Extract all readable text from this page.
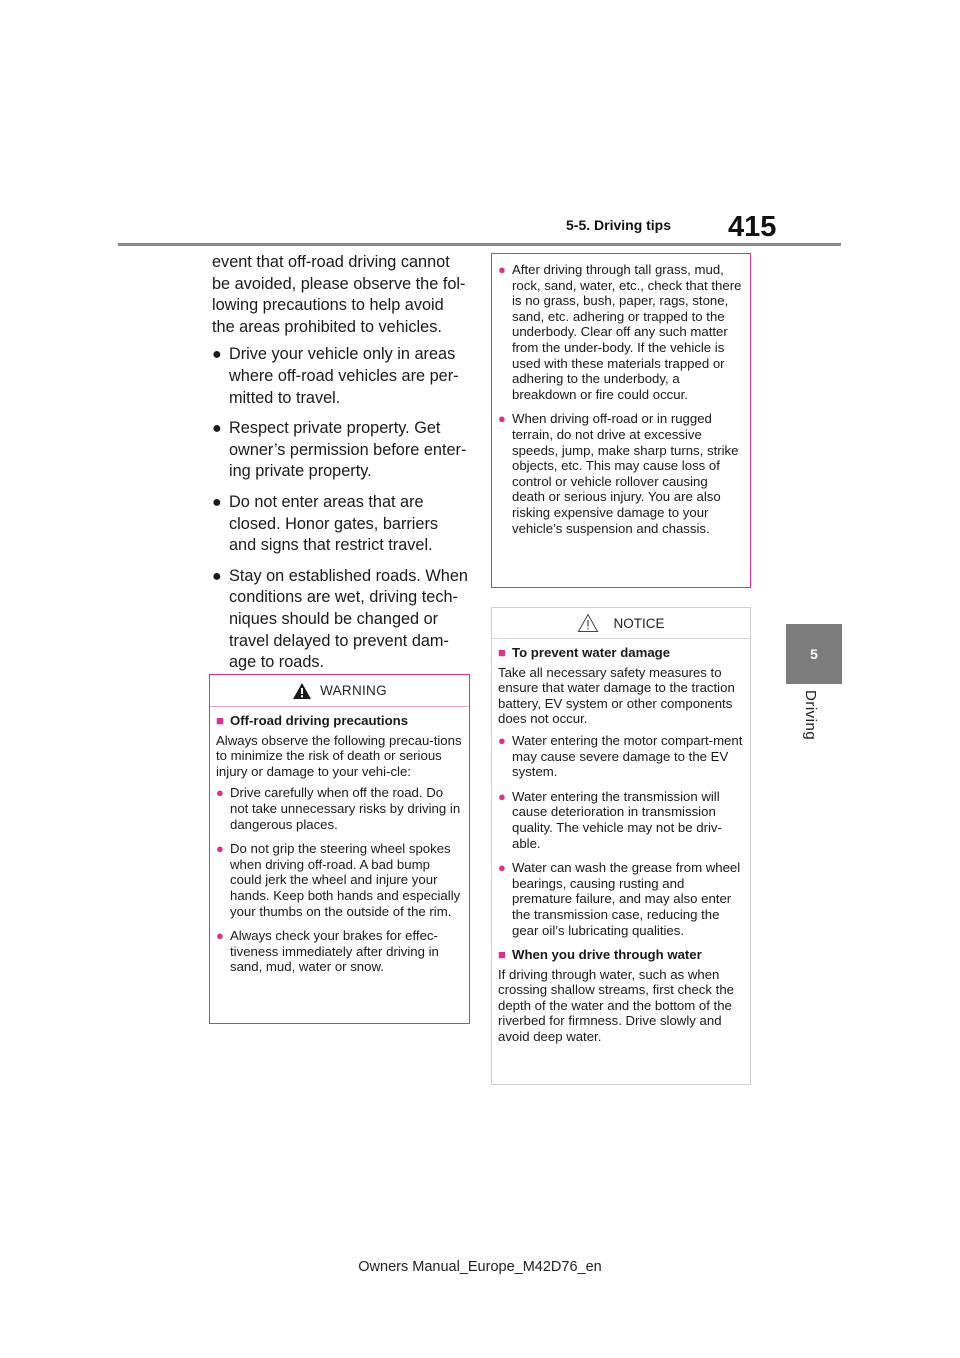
5-5. Driving tips 415
5
Driving

event that off-road driving cannot be avoided, please observe the fol-lowing precautions to help avoid the areas prohibited to vehicles.

● Drive your vehicle only in areas where off-road vehicles are per-mitted to travel.
● Respect private property. Get owner’s permission before enter-ing private property.
● Do not enter areas that are closed. Honor gates, barriers and signs that restrict travel.
● Stay on established roads. When conditions are wet, driving tech-niques should be changed or travel delayed to prevent dam-age to roads.
WARNING
■ Off-road driving precautions

Always observe the following precau-tions to minimize the risk of death or serious injury or damage to your vehi-cle:

● Drive carefully when off the road. Do not take unnecessary risks by driving in dangerous places.
● Do not grip the steering wheel spokes when driving off-road. A bad bump could jerk the wheel and injure your hands. Keep both hands and especially your thumbs on the outside of the rim.
● Always check your brakes for effec-tiveness immediately after driving in sand, mud, water or snow.
● After driving through tall grass, mud, rock, sand, water, etc., check that there is no grass, bush, paper, rags, stone, sand, etc. adhering or trapped to the underbody. Clear off any such matter from the under-body. If the vehicle is used with these materials trapped or adhering to the underbody, a breakdown or fire could occur.
● When driving off-road or in rugged terrain, do not drive at excessive speeds, jump, make sharp turns, strike objects, etc. This may cause loss of control or vehicle rollover causing death or serious injury. You are also risking expensive damage to your vehicle’s suspension and chassis.
NOTICE
■ To prevent water damage

Take all necessary safety measures to ensure that water damage to the traction battery, EV system or other components does not occur.

● Water entering the motor compart-ment may cause severe damage to the EV system.
● Water entering the transmission will cause deterioration in transmission quality. The vehicle may not be driv-able.
● Water can wash the grease from wheel bearings, causing rusting and premature failure, and may also enter the transmission case, reducing the gear oil’s lubricating qualities.
■ When you drive through water

If driving through water, such as when crossing shallow streams, first check the depth of the water and the bottom of the riverbed for firmness. Drive slowly and avoid deep water.

Owners Manual_Europe_M42D76_en
